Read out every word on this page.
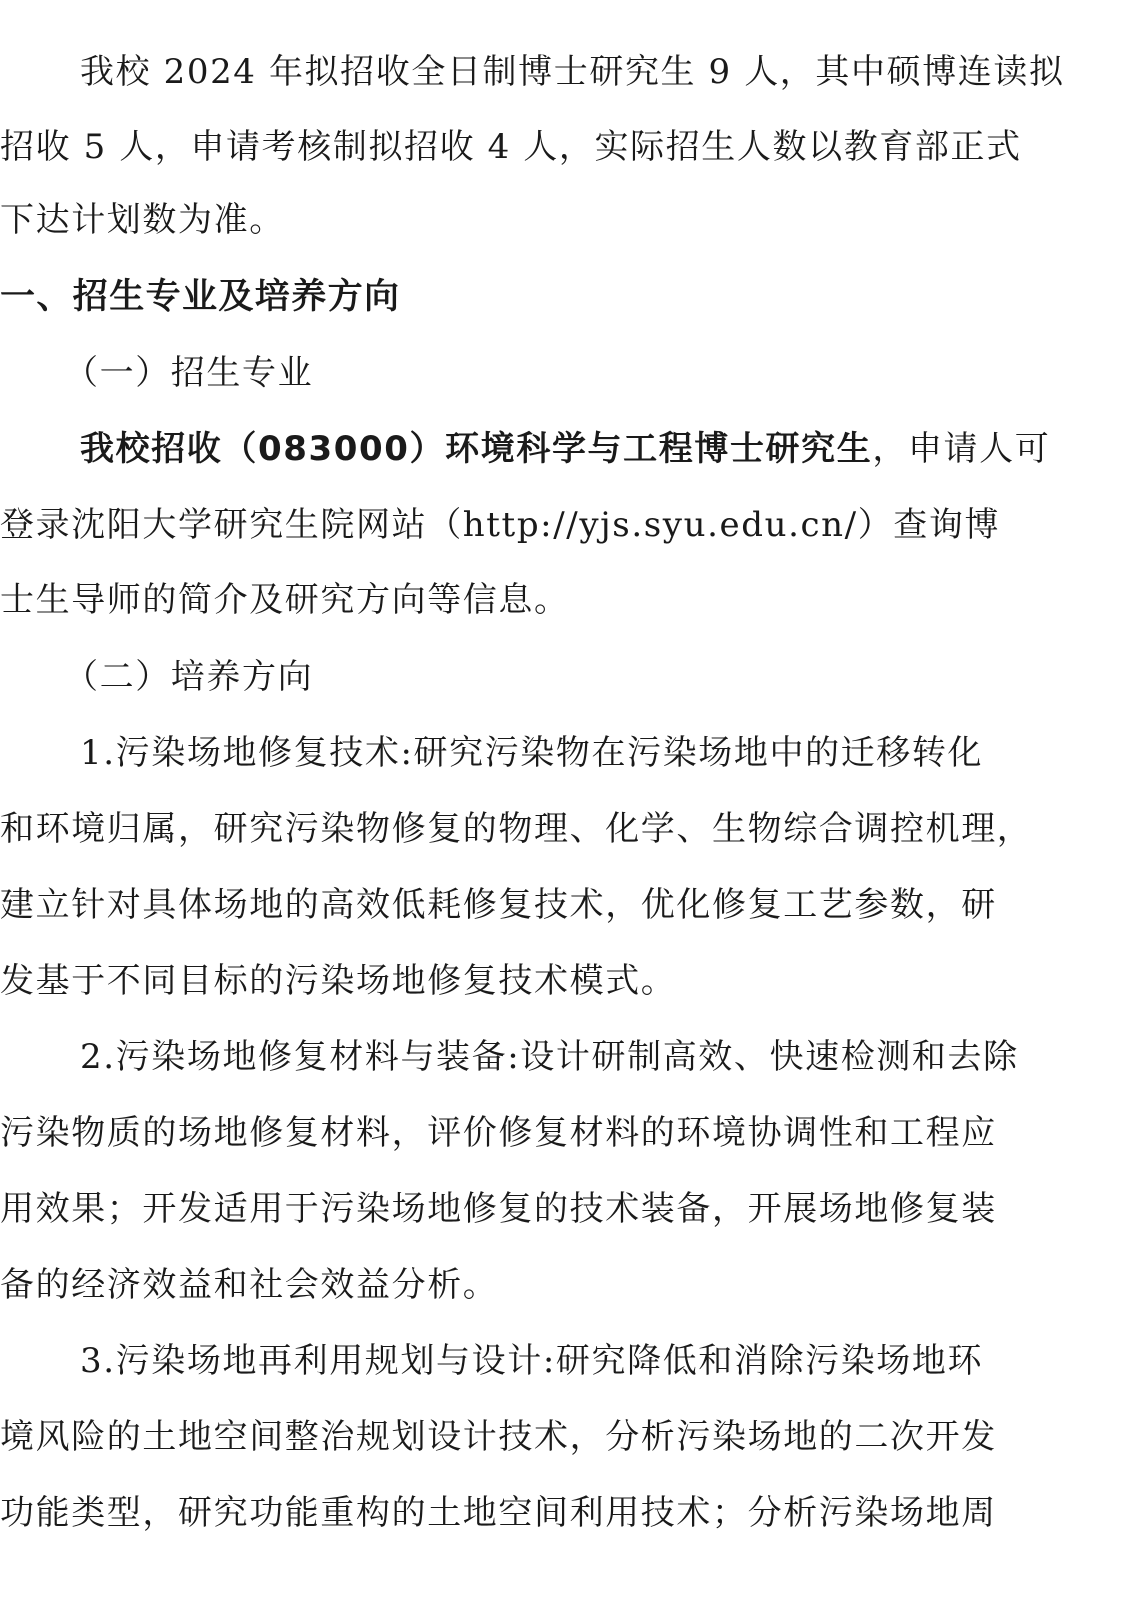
我校 2024 年拟招收全日制博士研究生 9 人，其中硕博连读拟
招收 5 人，申请考核制拟招收 4 人，实际招生人数以教育部正式
下达计划数为准。
一、招生专业及培养方向
（一）招生专业
我校招收（083000）环境科学与工程博士研究生，申请人可
登录沈阳大学研究生院网站（http://yjs.syu.edu.cn/）查询博
士生导师的简介及研究方向等信息。
（二）培养方向
1.污染场地修复技术:研究污染物在污染场地中的迁移转化
和环境归属，研究污染物修复的物理、化学、生物综合调控机理，
建立针对具体场地的高效低耗修复技术，优化修复工艺参数，研
发基于不同目标的污染场地修复技术模式。
2.污染场地修复材料与装备:设计研制高效、快速检测和去除
污染物质的场地修复材料，评价修复材料的环境协调性和工程应
用效果；开发适用于污染场地修复的技术装备，开展场地修复装
备的经济效益和社会效益分析。
3.污染场地再利用规划与设计:研究降低和消除污染场地环
境风险的土地空间整治规划设计技术，分析污染场地的二次开发
功能类型，研究功能重构的土地空间利用技术；分析污染场地周
